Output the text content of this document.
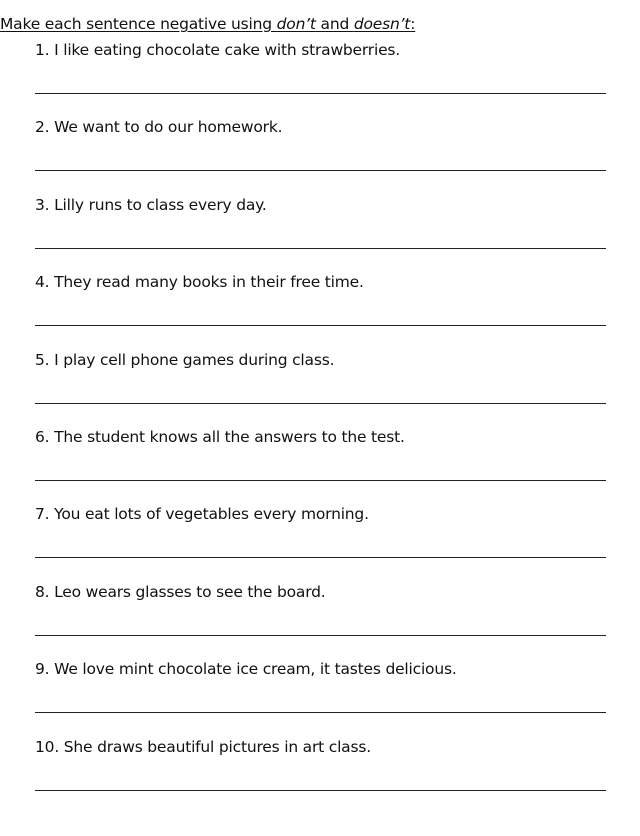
Make each sentence negative using don’t and doesn’t:
1. I like eating chocolate cake with strawberries.
2. We want to do our homework.
3. Lilly runs to class every day.
4. They read many books in their free time.
5. I play cell phone games during class.
6. The student knows all the answers to the test.
7. You eat lots of vegetables every morning.
8. Leo wears glasses to see the board.
9. We love mint chocolate ice cream, it tastes delicious.
10. She draws beautiful pictures in art class.
